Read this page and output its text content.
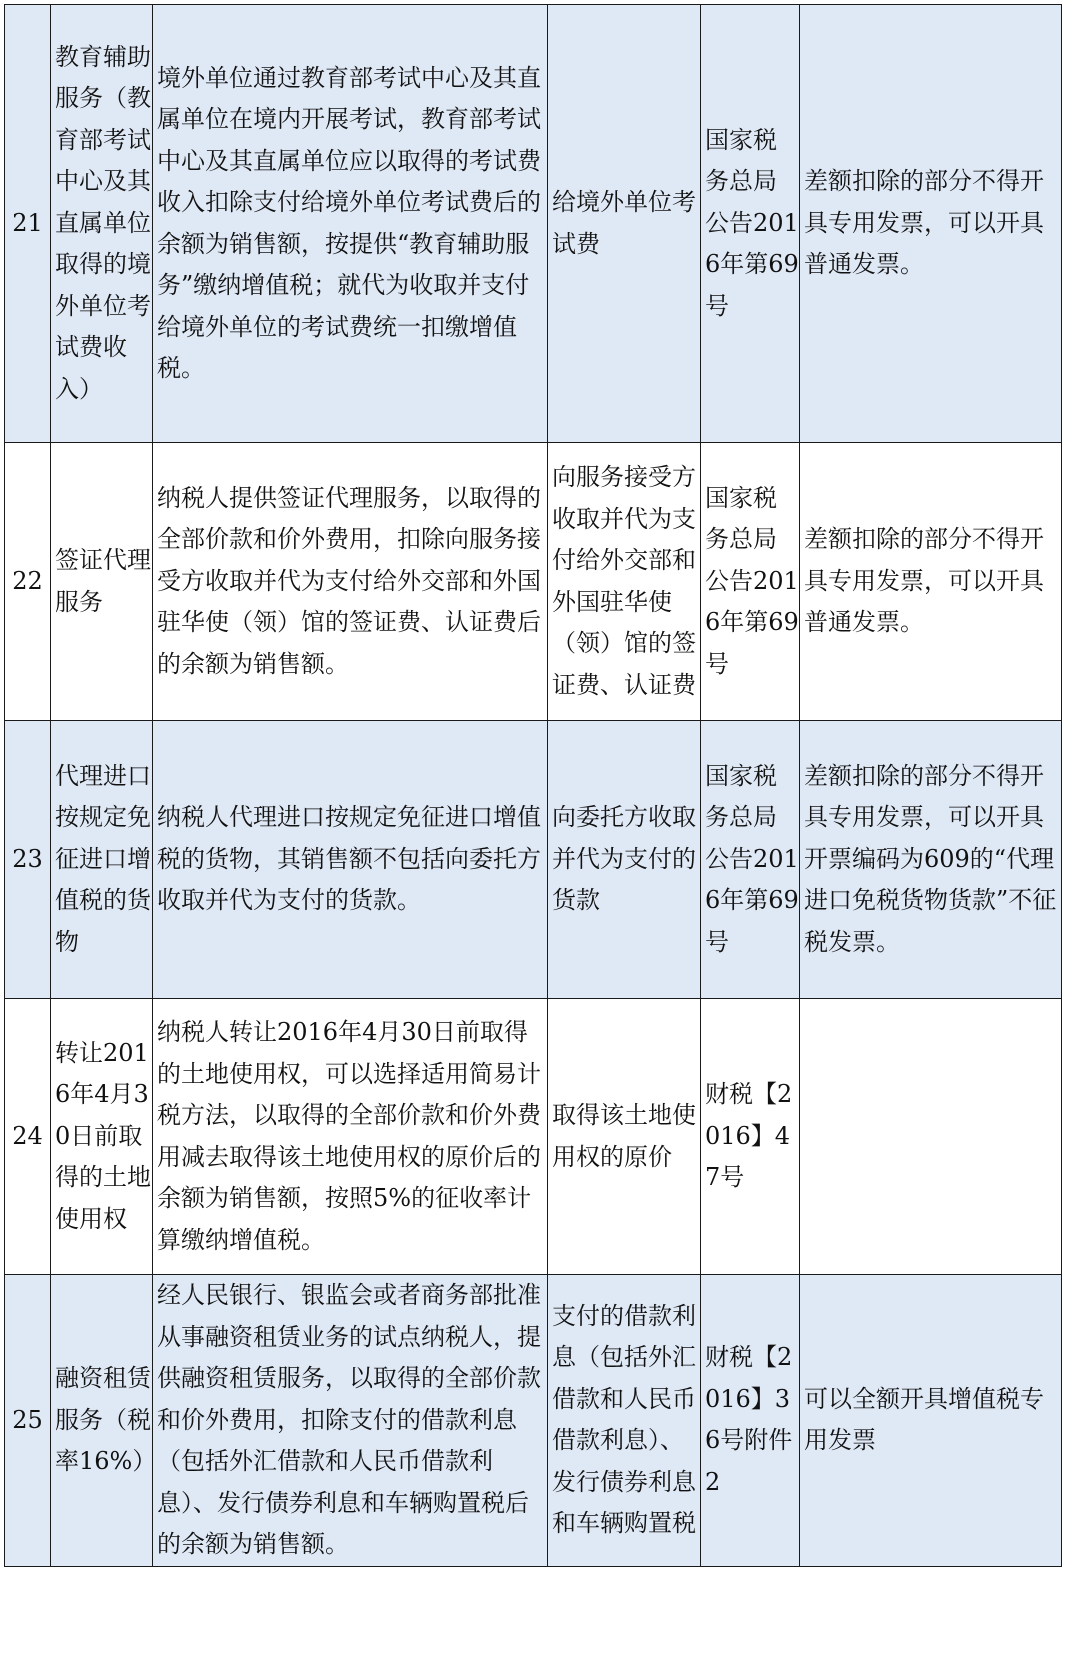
21	教育辅助服务（教育部考试中心及其直属单位取得的境外单位考试费收入）	境外单位通过教育部考试中心及其直属单位在境内开展考试，教育部考试中心及其直属单位应以取得的考试费收入扣除支付给境外单位考试费后的余额为销售额，按提供“教育辅助服务”缴纳增值税；就代为收取并支付给境外单位的考试费统一扣缴增值税。	给境外单位考试费	国家税务总局公告2016年第69号	差额扣除的部分不得开具专用发票，可以开具普通发票。
22	签证代理服务	纳税人提供签证代理服务，以取得的全部价款和价外费用，扣除向服务接受方收取并代为支付给外交部和外国驻华使（领）馆的签证费、认证费后的余额为销售额。	向服务接受方收取并代为支付给外交部和外国驻华使（领）馆的签证费、认证费	国家税务总局公告2016年第69号	差额扣除的部分不得开具专用发票，可以开具普通发票。
23	代理进口按规定免征进口增值税的货物	纳税人代理进口按规定免征进口增值税的货物，其销售额不包括向委托方收取并代为支付的货款。	向委托方收取并代为支付的货款	国家税务总局公告2016年第69号	差额扣除的部分不得开具专用发票，可以开具开票编码为609的“代理进口免税货物货款”不征税发票。
24	转让2016年4月30日前取得的土地使用权	纳税人转让2016年4月30日前取得的土地使用权，可以选择适用简易计税方法，以取得的全部价款和价外费用减去取得该土地使用权的原价后的余额为销售额，按照5%的征收率计算缴纳增值税。	取得该土地使用权的原价	财税【2016】47号	
25	融资租赁服务（税率16%）	经人民银行、银监会或者商务部批准从事融资租赁业务的试点纳税人，提供融资租赁服务，以取得的全部价款和价外费用，扣除支付的借款利息（包括外汇借款和人民币借款利息）、发行债券利息和车辆购置税后的余额为销售额。	支付的借款利息（包括外汇借款和人民币借款利息）、发行债券利息和车辆购置税	财税【2016】36号附件2	可以全额开具增值税专用发票
